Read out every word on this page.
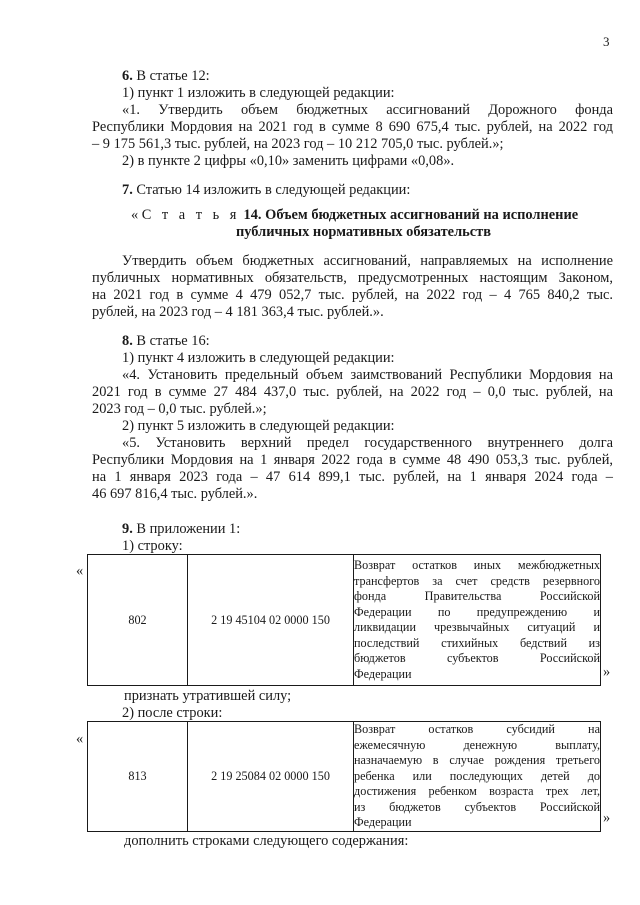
3
6. В статье 12:
1) пункт 1 изложить в следующей редакции:
«1. Утвердить объем бюджетных ассигнований Дорожного фонда
Республики Мордовия на 2021 год в сумме 8 690 675,4 тыс. рублей, на 2022 год
– 9 175 561,3 тыс. рублей, на 2023 год – 10 212 705,0 тыс. рублей.»;
2) в пункте 2 цифры «0,10» заменить цифрами «0,08».
7. Статью 14 изложить в следующей редакции:
«С т а т ь я 14. Объем бюджетных ассигнований на исполнение
публичных нормативных обязательств
Утвердить объем бюджетных ассигнований, направляемых на исполнение
публичных нормативных обязательств, предусмотренных настоящим Законом,
на 2021 год в сумме 4 479 052,7 тыс. рублей, на 2022 год – 4 765 840,2 тыс.
рублей, на 2023 год – 4 181 363,4 тыс. рублей.».
8. В статье 16:
1) пункт 4 изложить в следующей редакции:
«4. Установить предельный объем заимствований Республики Мордовия на
2021 год в сумме 27 484 437,0 тыс. рублей, на 2022 год – 0,0 тыс. рублей, на
2023 год – 0,0 тыс. рублей.»;
2) пункт 5 изложить в следующей редакции:
«5. Установить верхний предел государственного внутреннего долга
Республики Мордовия на 1 января 2022 года в сумме 48 490 053,3 тыс. рублей,
на 1 января 2023 года – 47 614 899,1 тыс. рублей, на 1 января 2024 года –
46 697 816,4 тыс. рублей.».
9. В приложении 1:
1) строку:
«
802	2 19 45104 02 0000 150	
Возврат остатков иных межбюджетных
трансфертов за счет средств резервного
фонда Правительства Российской
Федерации по предупреждению и
ликвидации чрезвычайных ситуаций и
последствий стихийных бедствий из
бюджетов субъектов Российской
Федерации	»
признать утратившей силу;
2) после строки:
«
813	2 19 25084 02 0000 150	
Возврат остатков субсидий на
ежемесячную денежную выплату,
назначаемую в случае рождения третьего
ребенка или последующих детей до
достижения ребенком возраста трех лет,
из бюджетов субъектов Российской
Федерации	»
дополнить строками следующего содержания:
